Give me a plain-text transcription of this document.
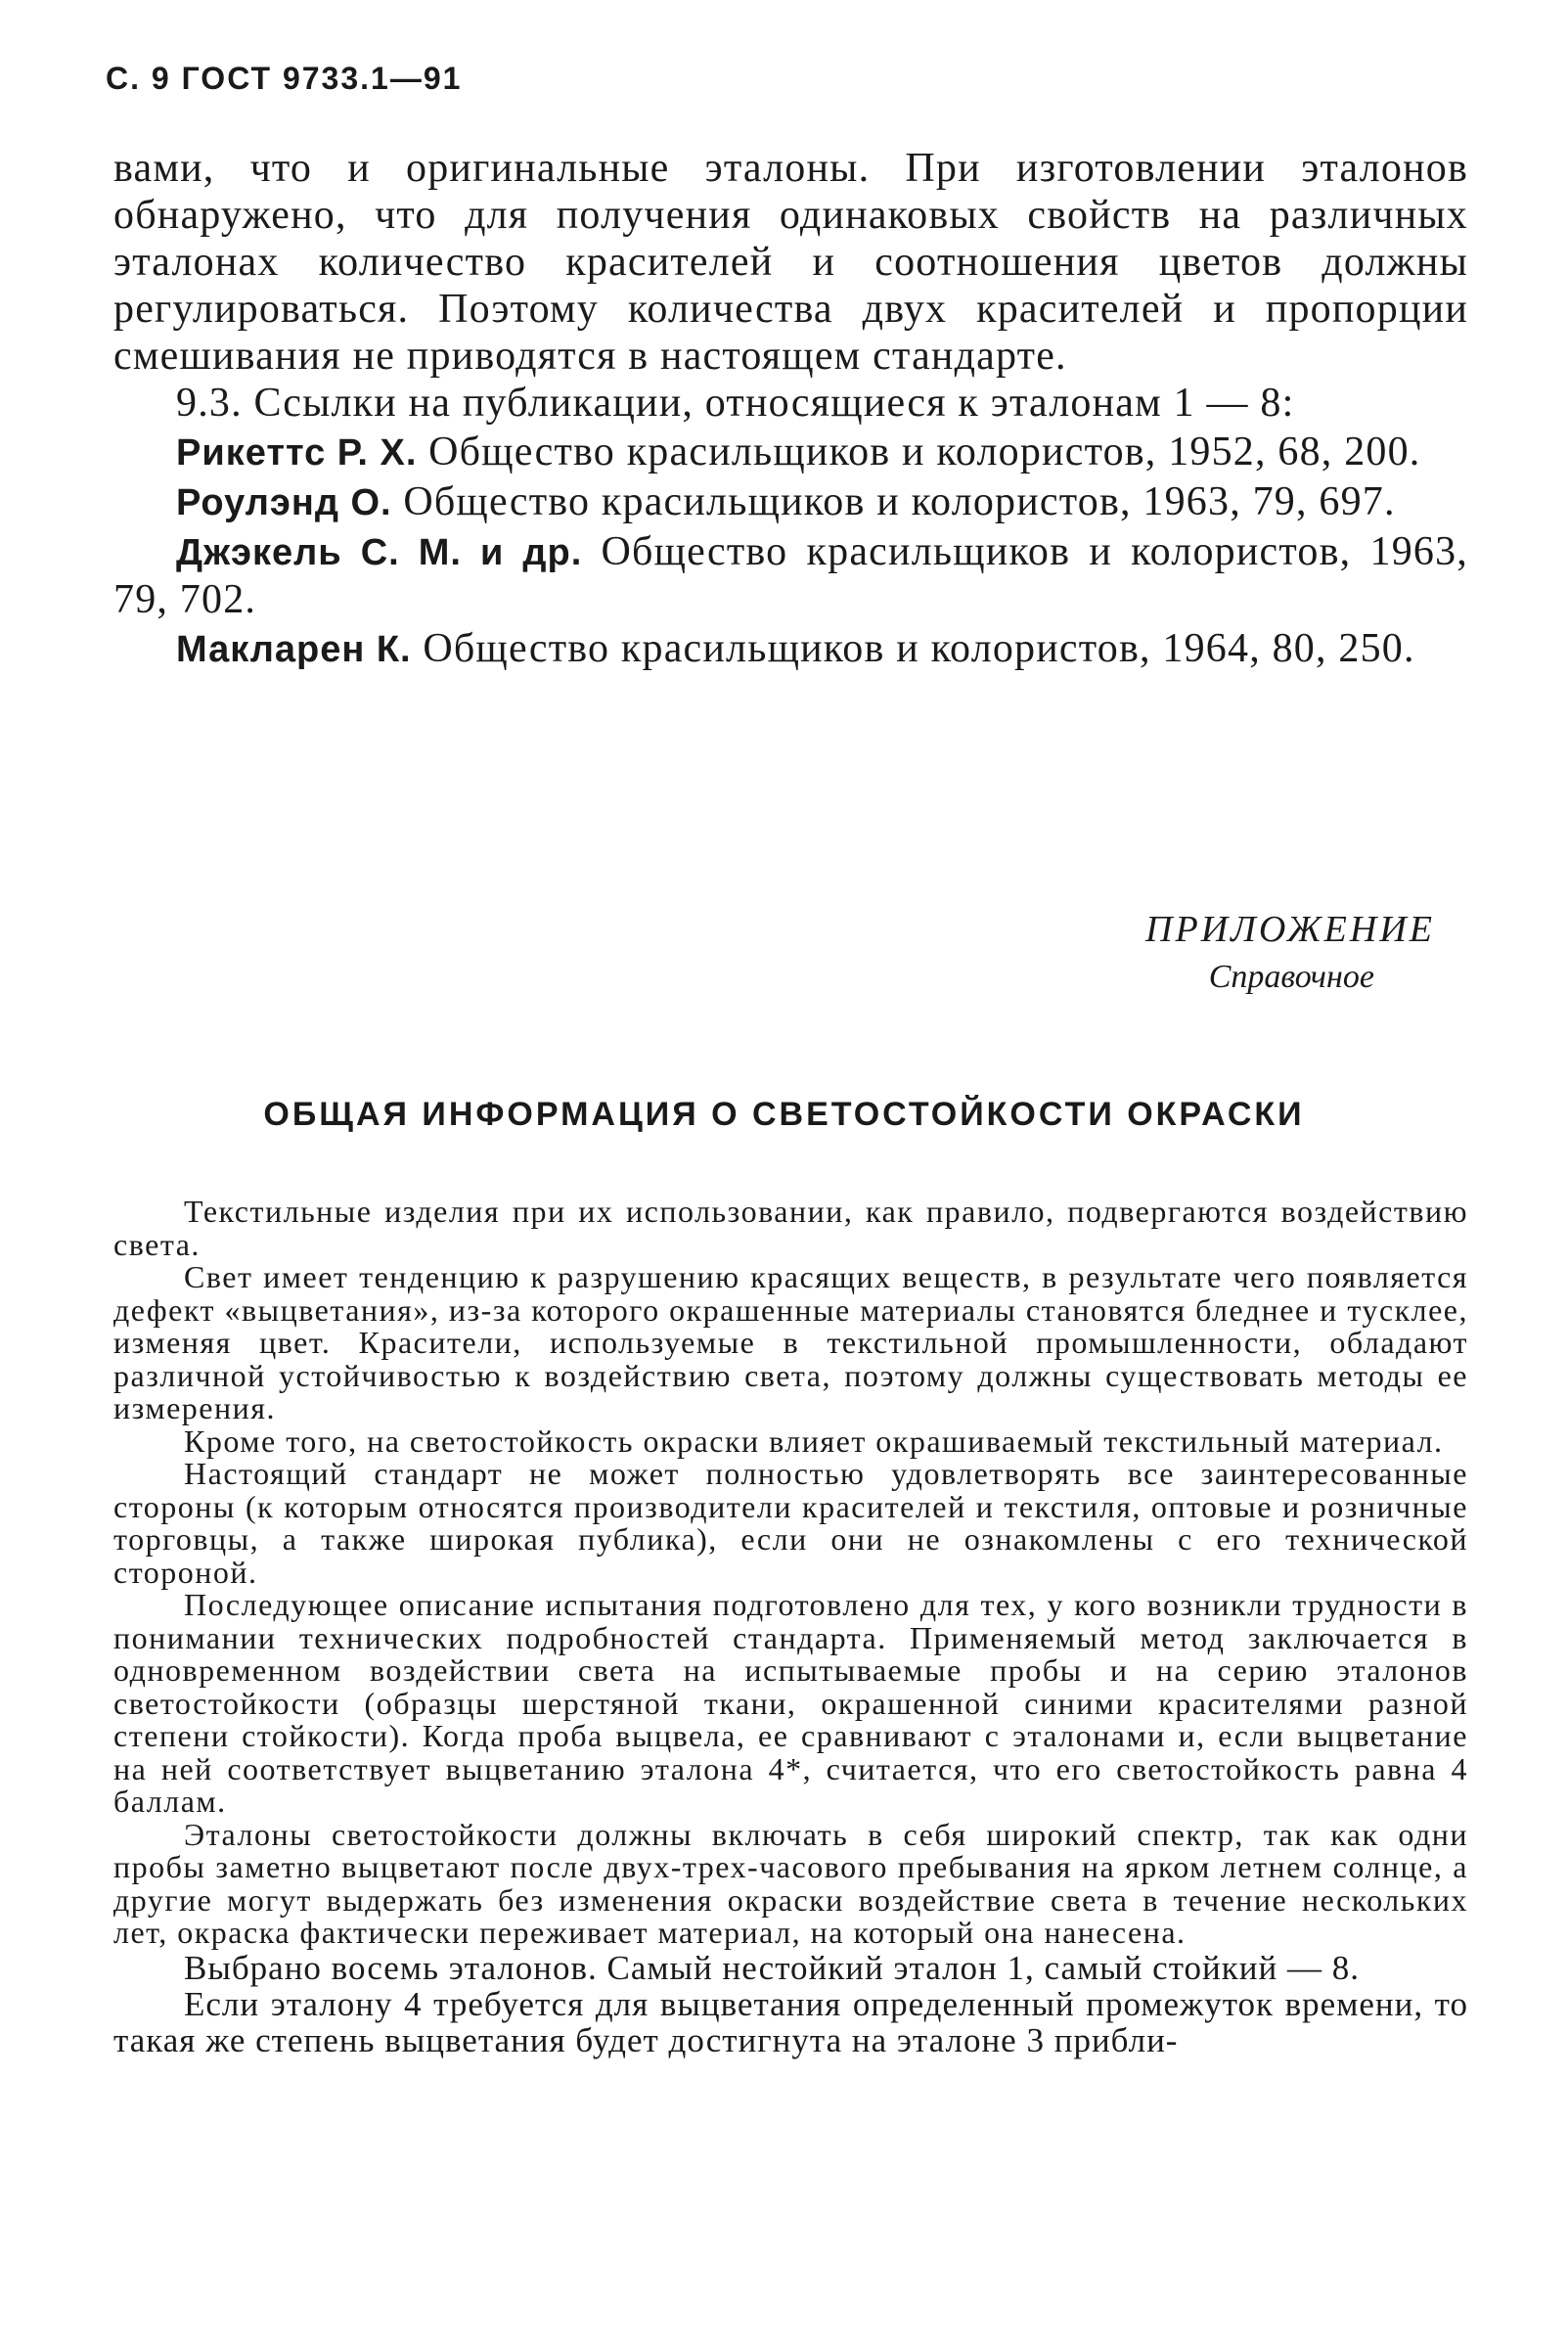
С. 9 ГОСТ 9733.1—91

вами, что и оригинальные эталоны. При изготовлении эталонов обнаружено, что для получения одинаковых свойств на различных эталонах количество красителей и соотношения цветов должны регулироваться. Поэтому количества двух красителей и пропорции смешивания не приводятся в настоящем стандарте.

9.3. Ссылки на публикации, относящиеся к эталонам 1 — 8:

Рикеттс Р. Х. Общество красильщиков и колористов, 1952, 68, 200.

Роулэнд О. Общество красильщиков и колористов, 1963, 79, 697.

Джэкель С. М. и др. Общество красильщиков и колористов, 1963, 79, 702.

Макларен К. Общество красильщиков и колористов, 1964, 80, 250.

ПРИЛОЖЕНИЕ

Справочное

ОБЩАЯ ИНФОРМАЦИЯ О СВЕТОСТОЙКОСТИ ОКРАСКИ

Текстильные изделия при их использовании, как правило, подвергаются воздействию света.

Свет имеет тенденцию к разрушению красящих веществ, в результате чего появляется дефект «выцветания», из-за которого окрашенные материалы становятся бледнее и тусклее, изменяя цвет. Красители, используемые в текстильной промышленности, обладают различной устойчивостью к воздействию света, поэтому должны существовать методы ее измерения.

Кроме того, на светостойкость окраски влияет окрашиваемый текстильный материал.

Настоящий стандарт не может полностью удовлетворять все заинтересованные стороны (к которым относятся производители красителей и текстиля, оптовые и розничные торговцы, а также широкая публика), если они не ознакомлены с его технической стороной.

Последующее описание испытания подготовлено для тех, у кого возникли трудности в понимании технических подробностей стандарта. Применяемый метод заключается в одновременном воздействии света на испытываемые пробы и на серию эталонов светостойкости (образцы шерстяной ткани, окрашенной синими красителями разной степени стойкости). Когда проба выцвела, ее сравнивают с эталонами и, если выцветание на ней соответствует выцветанию эталона 4*, считается, что его светостойкость равна 4 баллам.

Эталоны светостойкости должны включать в себя широкий спектр, так как одни пробы заметно выцветают после двух-трех-часового пребывания на ярком летнем солнце, а другие могут выдержать без изменения окраски воздействие света в течение нескольких лет, окраска фактически переживает материал, на который она нанесена.

Выбрано восемь эталонов. Самый нестойкий эталон 1, самый стойкий — 8.

Если эталону 4 требуется для выцветания определенный промежуток времени, то такая же степень выцветания будет достигнута на эталоне 3 прибли-
